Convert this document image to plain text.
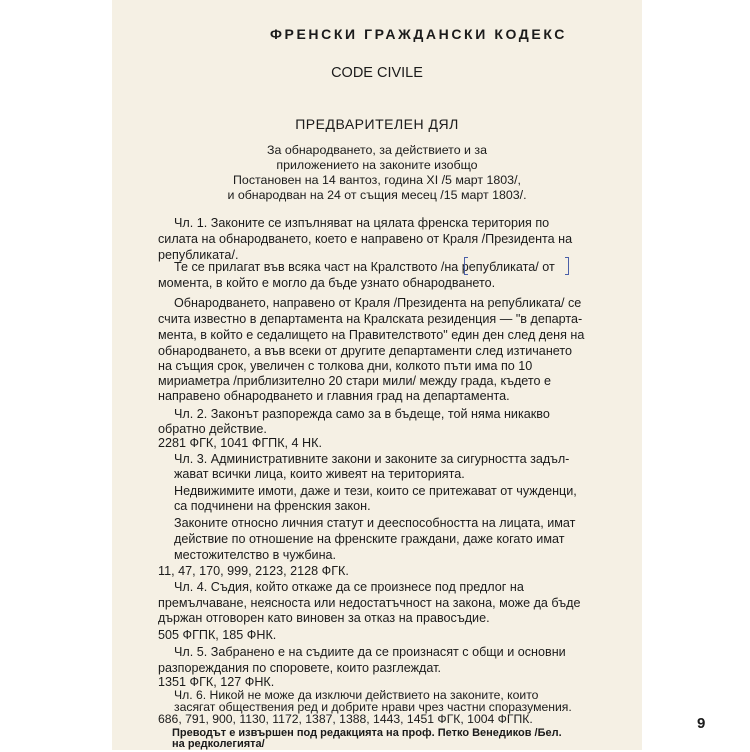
ФРЕНСКИ ГРАЖДАНСКИ КОДЕКС
CODE CIVILE
ПРЕДВАРИТЕЛЕН ДЯЛ
За обнародването, за действието и за
приложението на законите изобщо
Постановен на 14 вантоз, година XI /5 март 1803/,
и обнародван на 24 от същия месец /15 март 1803/.
Чл. 1. Законите се изпълняват на цялата френска територия по
силата на обнародването, което е направено от Краля /Президента на
републиката/.
Те се прилагат във всяка част на Кралството /на републиката/ от
момента, в който е могло да бъде узнато обнародването.
Обнародването, направено от Краля /Президента на републиката/ се
счита известно в департамента на Кралската резиденция — "в департа-
мента, в който е седалището на Правителството" един ден след деня на
обнародването, а във всеки от другите департаменти след изтичането
на същия срок, увеличен с толкова дни, колкото пъти има по 10
мириаметра /приблизително 20 стари мили/ между града, където е
направено обнародването и главния град на департамента.
Чл. 2. Законът разпорежда само за в бъдеще, той няма никакво
обратно действие.
2281 ФГК, 1041 ФГПК, 4 НК.
Чл. 3. Административните закони и законите за сигурността задъл-
жават всички лица, които живеят на територията.
Недвижимите имоти, даже и тези, които се притежават от чужденци,
са подчинени на френския закон.
Законите относно личния статут и дееспособността на лицата, имат
действие по отношение на френските граждани, даже когато имат
местожителство в чужбина.
11, 47, 170, 999, 2123, 2128 ФГК.
Чл. 4. Съдия, който откаже да се произнесе под предлог на
премълчаване, неясноста или недостатъчност на закона, може да бъде
държан отговорен като виновен за отказ на правосъдие.
505 ФГПК, 185 ФНК.
Чл. 5. Забранено е на съдиите да се произнасят с общи и основни
разпореждания по споровете, които разглеждат.
1351 ФГК, 127 ФНК.
Чл. 6. Никой не може да изключи действието на законите, които
засягат обществения ред и добрите нрави чрез частни споразумения.
686, 791, 900, 1130, 1172, 1387, 1388, 1443, 1451 ФГК, 1004 ФГПК.
Преводът е извършен под редакцията на проф. Петко Венедиков /Бел.
на редколегията/
9
